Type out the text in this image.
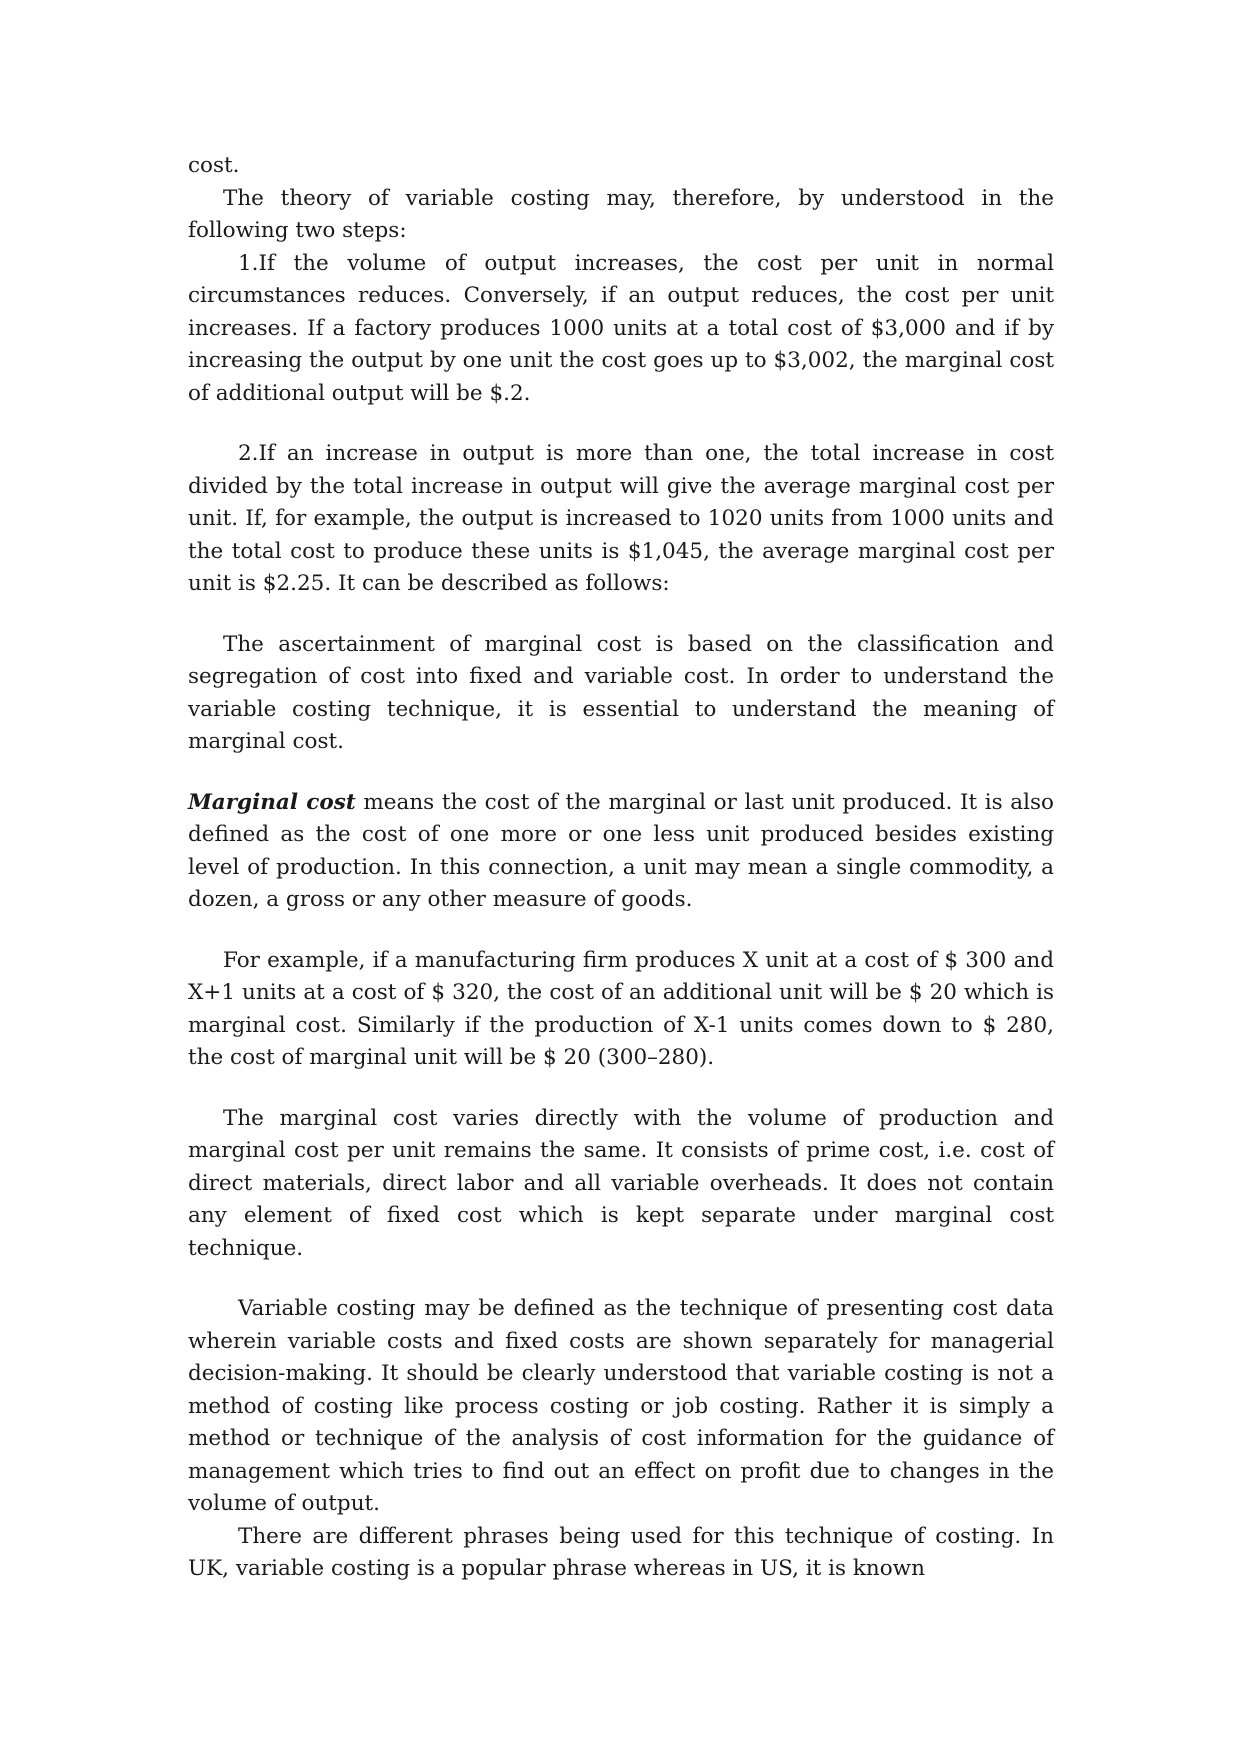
cost.

The theory of variable costing may, therefore, by understood in the following two steps:

1.If the volume of output increases, the cost per unit in normal circumstances reduces. Conversely, if an output reduces, the cost per unit increases. If a factory produces 1000 units at a total cost of $3,000 and if by increasing the output by one unit the cost goes up to $3,002, the marginal cost of additional output will be $.2.

2.If an increase in output is more than one, the total increase in cost divided by the total increase in output will give the average marginal cost per unit. If, for example, the output is increased to 1020 units from 1000 units and the total cost to produce these units is $1,045, the average marginal cost per unit is $2.25. It can be described as follows:

The ascertainment of marginal cost is based on the classification and segregation of cost into fixed and variable cost. In order to understand the variable costing technique, it is essential to understand the meaning of marginal cost.

Marginal cost means the cost of the marginal or last unit produced. It is also defined as the cost of one more or one less unit produced besides existing level of production. In this connection, a unit may mean a single commodity, a dozen, a gross or any other measure of goods.

For example, if a manufacturing firm produces X unit at a cost of $ 300 and X+1 units at a cost of $ 320, the cost of an additional unit will be $ 20 which is marginal cost. Similarly if the production of X-1 units comes down to $ 280, the cost of marginal unit will be $ 20 (300–280).

The marginal cost varies directly with the volume of production and marginal cost per unit remains the same. It consists of prime cost, i.e. cost of direct materials, direct labor and all variable overheads. It does not contain any element of fixed cost which is kept separate under marginal cost technique.

Variable costing may be defined as the technique of presenting cost data wherein variable costs and fixed costs are shown separately for managerial decision-making. It should be clearly understood that variable costing is not a method of costing like process costing or job costing. Rather it is simply a method or technique of the analysis of cost information for the guidance of management which tries to find out an effect on profit due to changes in the volume of output.

There are different phrases being used for this technique of costing. In UK, variable costing is a popular phrase whereas in US, it is known
